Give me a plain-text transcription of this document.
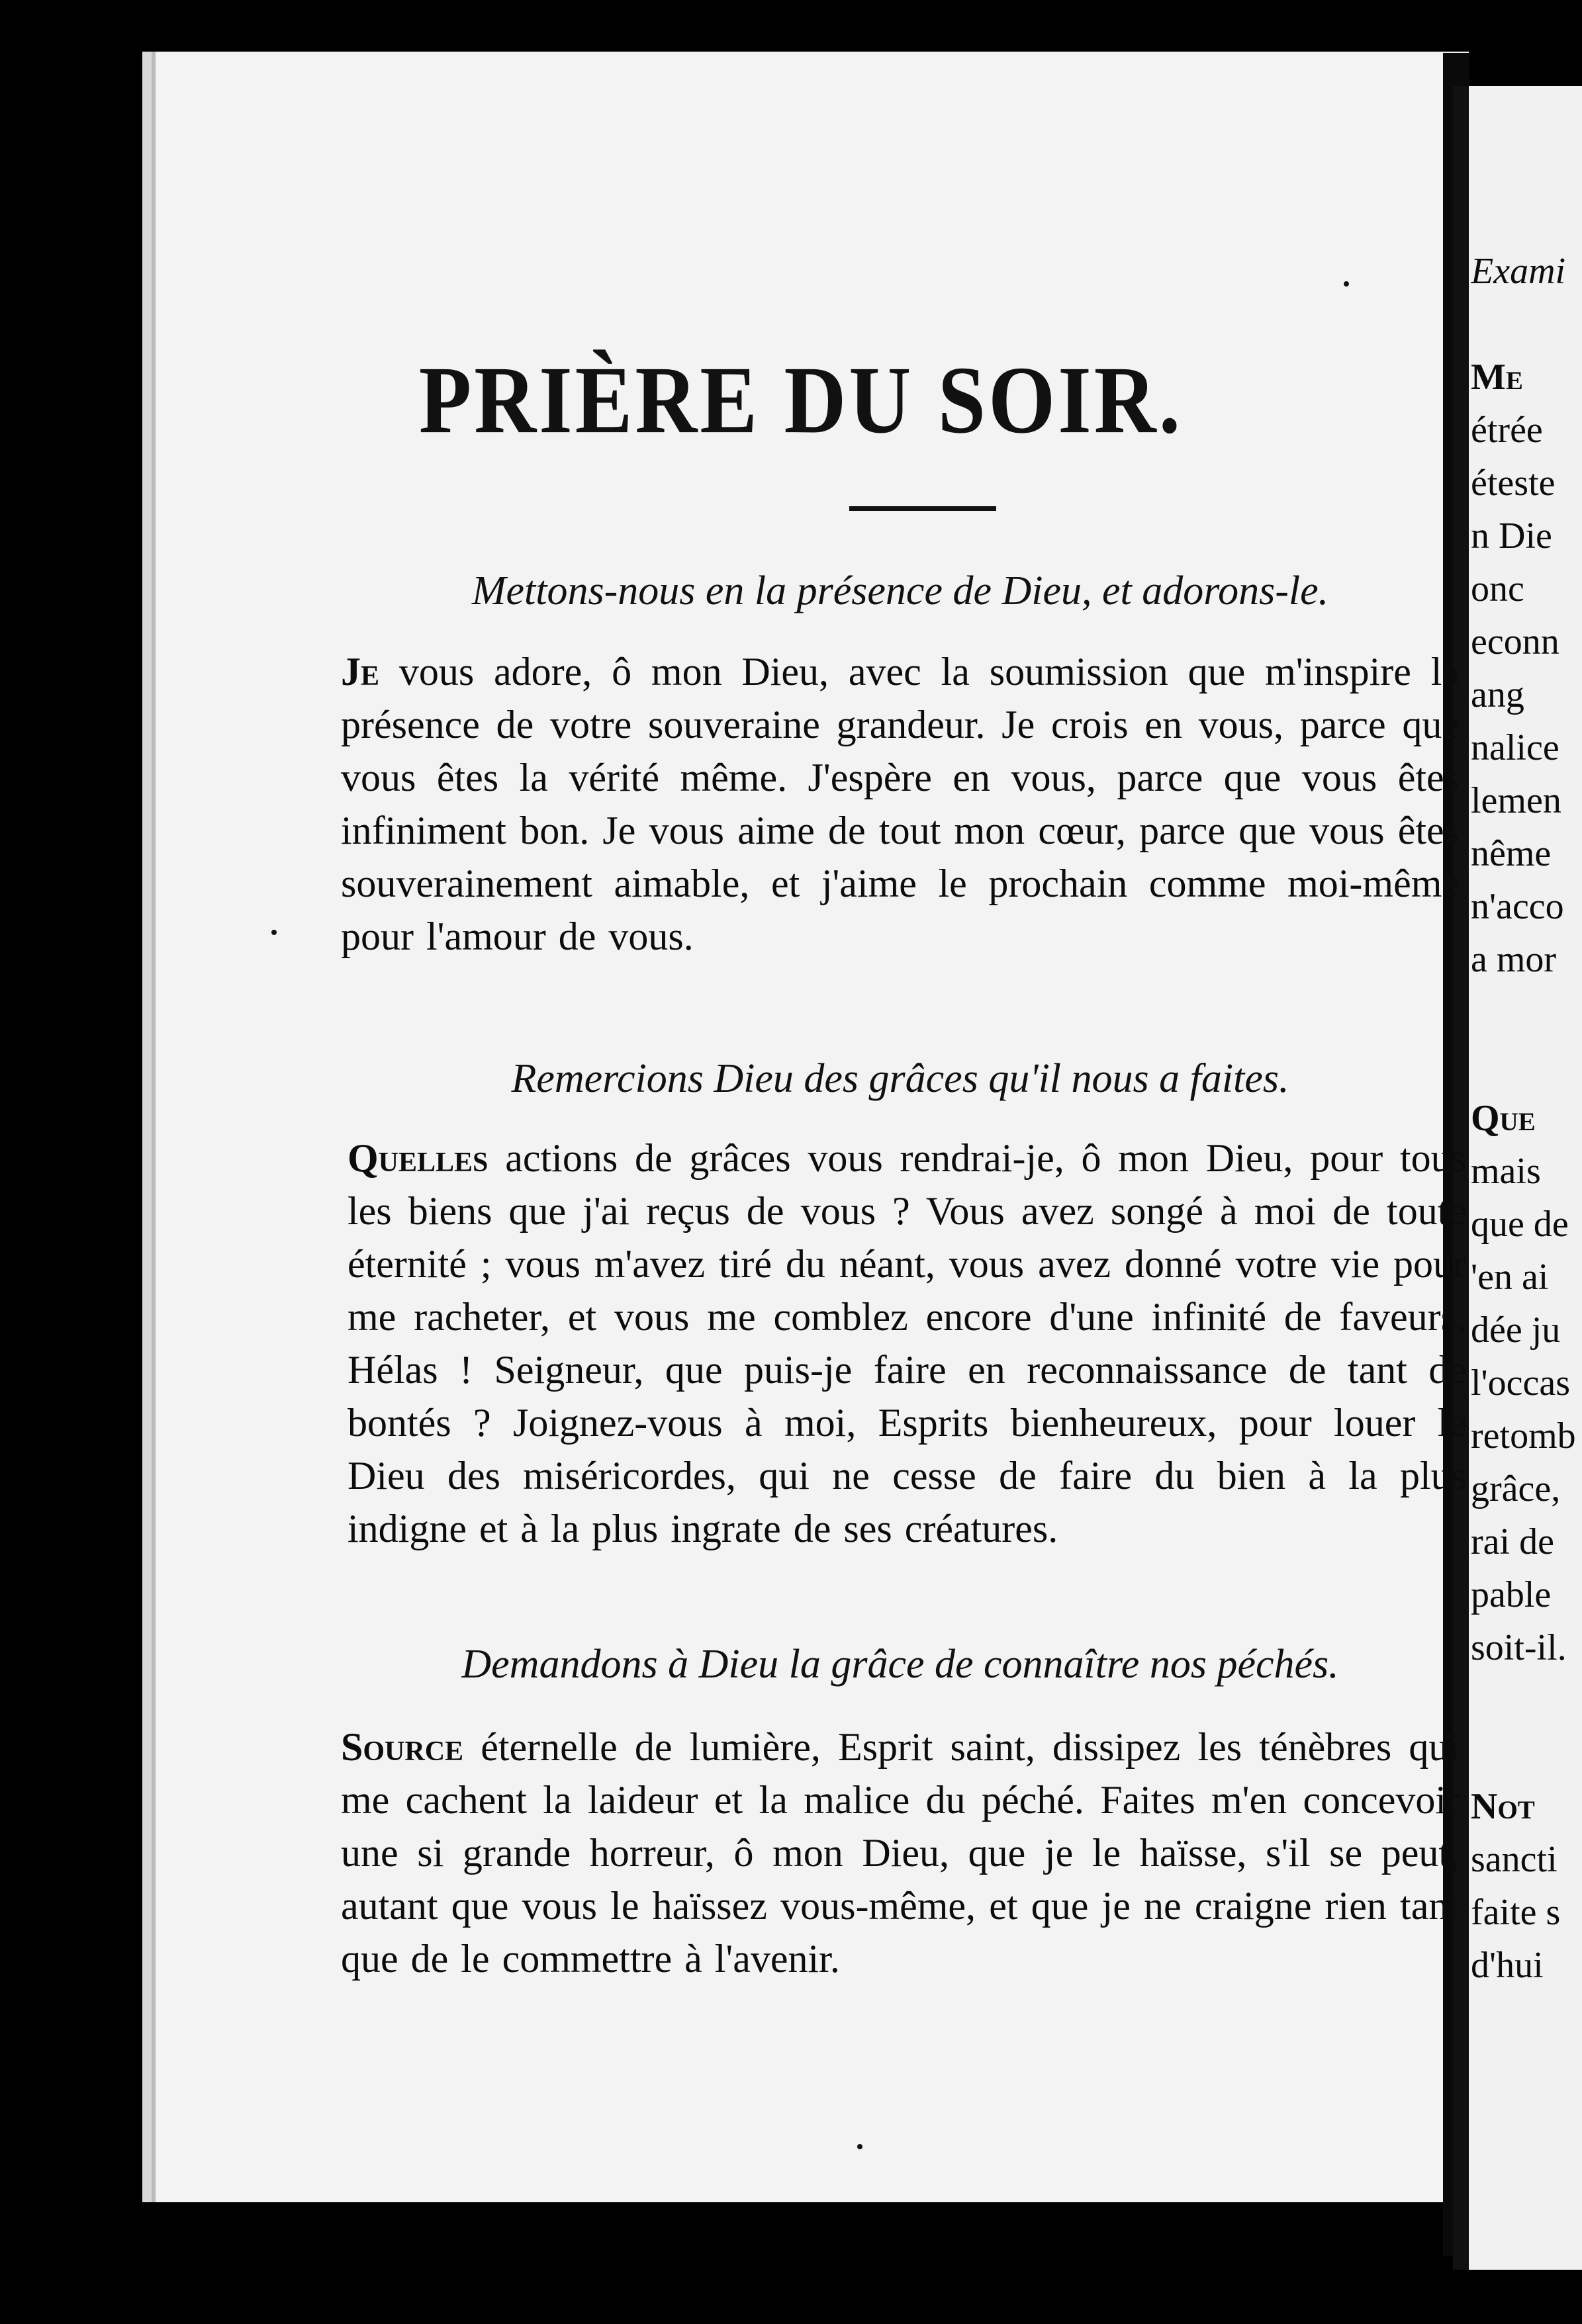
PRIÈRE DU SOIR.
Mettons-nous en la présence de Dieu, et adorons-le.
Je vous adore, ô mon Dieu, avec la soumission que m'inspire la présence de votre souveraine grandeur. Je crois en vous, parce que vous êtes la vérité même. J'espère en vous, parce que vous êtes infiniment bon. Je vous aime de tout mon cœur, parce que vous êtes souverainement aimable, et j'aime le prochain comme moi-même pour l'amour de vous.
Remercions Dieu des grâces qu'il nous a faites.
Quelles actions de grâces vous rendrai-je, ô mon Dieu, pour tous les biens que j'ai reçus de vous ? Vous avez songé à moi de toute éternité ; vous m'avez tiré du néant, vous avez donné votre vie pour me racheter, et vous me comblez encore d'une infinité de faveurs. Hélas ! Seigneur, que puis-je faire en reconnaissance de tant de bontés ? Joignez-vous à moi, Esprits bienheureux, pour louer le Dieu des miséricordes, qui ne cesse de faire du bien à la plus indigne et à la plus ingrate de ses créatures.
Demandons à Dieu la grâce de connaître nos péchés.
Source éternelle de lumière, Esprit saint, dissipez les ténèbres qui me cachent la laideur et la malice du péché. Faites m'en concevoir une si grande horreur, ô mon Dieu, que je le haïsse, s'il se peut, autant que vous le haïssez vous-même, et que je ne craigne rien tant que de le commettre à l'avenir.
Exami
Me
étrée
éteste
n Die
onc
econn
ang
nalice
lemen
nême
n'acco
a mor
Que
mais
que de
'en ai
dée ju
l'occas
retomb
grâce,
rai de
pable
soit-il.
Not
sancti
faite s
d'hui
